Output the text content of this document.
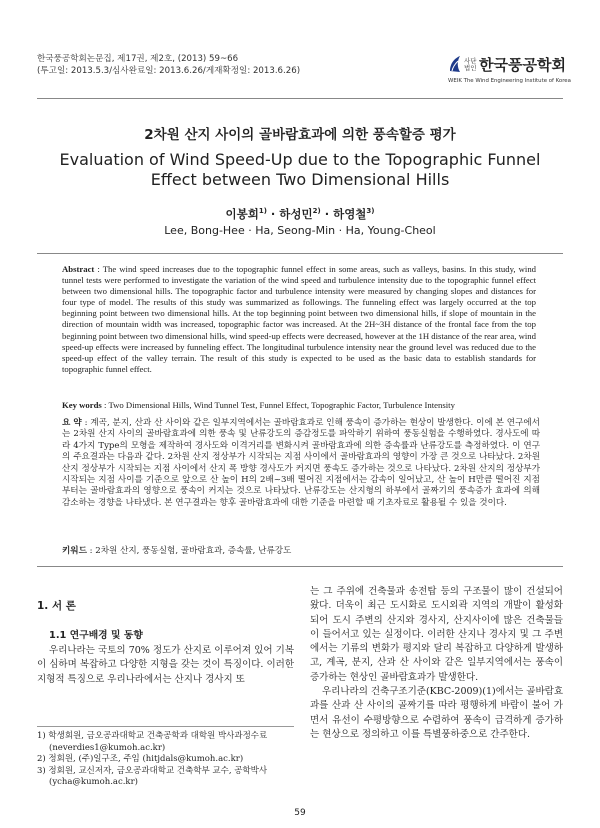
한국풍공학회논문집, 제17권, 제2호, (2013) 59~66
(투고일: 2013.5.3/심사완료일: 2013.6.26/게재확정일: 2013.6.26)
사단
법인 한국풍공학회
WEIK The Wind Engineering Institute of Korea
2차원 산지 사이의 골바람효과에 의한 풍속할증 평가
Evaluation of Wind Speed-Up due to the Topographic Funnel
Effect between Two Dimensional Hills
이봉희$^{1)}$ · 하성민$^{2)}$ · 하영철$^{3)}$
Lee, Bong-Hee · Ha, Seong-Min · Ha, Young-Cheol
Abstract : The wind speed increases due to the topographic funnel effect in some areas, such as valleys, basins. In this study, wind tunnel tests were performed to investigate the variation of the wind speed and turbulence intensity due to the topographic funnel effect between two dimensional hills. The topographic factor and turbulence intensity were measured by changing slopes and distances for four type of model. The results of this study was summarized as followings. The funneling effect was largely occurred at the top beginning point between two dimensional hills. At the top beginning point between two dimensional hills, if slope of mountain in the direction of mountain width was increased, topographic factor was increased. At the 2H~3H distance of the frontal face from the top beginning point between two dimensional hills, wind speed-up effects were decreased, however at the 1H distance of the rear area, wind speed-up effects were increased by funneling effect. The longitudinal turbulence intensity near the ground level was reduced due to the speed-up effect of the valley terrain. The result of this study is expected to be used as the basic data to establish standards for topographic funnel effect.
Key words : Two Dimensional Hills, Wind Tunnel Test, Funnel Effect, Topographic Factor, Turbulence Intensity
요 약 : 계곡, 분지, 산과 산 사이와 같은 일부지역에서는 골바람효과로 인해 풍속이 증가하는 현상이 발생한다. 이에 본 연구에서는 2차원 산지 사이의 골바람효과에 의한 풍속 및 난류강도의 증감정도를 파악하기 위하여 풍동실험을 수행하였다. 경사도에 따라 4가지 Type의 모형을 제작하여 경사도와 이격거리를 변화시켜 골바람효과에 의한 증속률과 난류강도를 측정하였다. 이 연구의 주요결과는 다음과 같다. 2차원 산지 정상부가 시작되는 지점 사이에서 골바람효과의 영향이 가장 큰 것으로 나타났다. 2차원 산지 정상부가 시작되는 지점 사이에서 산지 폭 방향 경사도가 커지면 풍속도 증가하는 것으로 나타났다. 2차원 산지의 정상부가 시작되는 지점 사이를 기준으로 앞으로 산 높이 H의 2배~3배 떨어진 지점에서는 감속이 일어났고, 산 높이 H만큼 떨어진 지점부터는 골바람효과의 영향으로 풍속이 커지는 것으로 나타났다. 난류강도는 산지형의 하부에서 골짜기의 풍속증가 효과에 의해 감소하는 경향을 나타냈다. 본 연구결과는 향후 골바람효과에 대한 기준을 마련할 때 기초자료로 활용될 수 있을 것이다.
키워드 : 2차원 산지, 풍동실험, 골바람효과, 증속률, 난류강도
1. 서 론
1.1 연구배경 및 동향

우리나라는 국토의 70% 정도가 산지로 이루어져 있어 기복이 심하며 복잡하고 다양한 지형을 갖는 것이 특징이다. 이러한 지형적 특징으로 우리나라에서는 산지나 경사지 또

는 그 주위에 건축물과 송전탑 등의 구조물이 많이 건설되어 왔다. 더욱이 최근 도시화로 도시외곽 지역의 개발이 활성화되어 도시 주변의 산지와 경사지, 산지사이에 많은 건축물들이 들어서고 있는 실정이다. 이러한 산지나 경사지 및 그 주변에서는 기류의 변화가 평지와 달리 복잡하고 다양하게 발생하고, 계곡, 분지, 산과 산 사이와 같은 일부지역에서는 풍속이 증가하는 현상인 골바람효과가 발생한다.

우리나라의 건축구조기준(KBC-2009)(1)에서는 골바람효과를 산과 산 사이의 골짜기를 따라 평행하게 바람이 불어 가면서 유선이 수평방향으로 수렴하여 풍속이 급격하게 증가하는 현상으로 정의하고 이를 특별풍하중으로 간주한다.

1) 학생회원, 금오공과대학교 건축공학과 대학원 박사과정수료 (neverdies1@kumoh.ac.kr)
2) 정회원, (주)일구조, 주임 (hitjdals@kumoh.ac.kr)
3) 정회원, 교신저자, 금오공과대학교 건축학부 교수, 공학박사 (ycha@kumoh.ac.kr)
59
